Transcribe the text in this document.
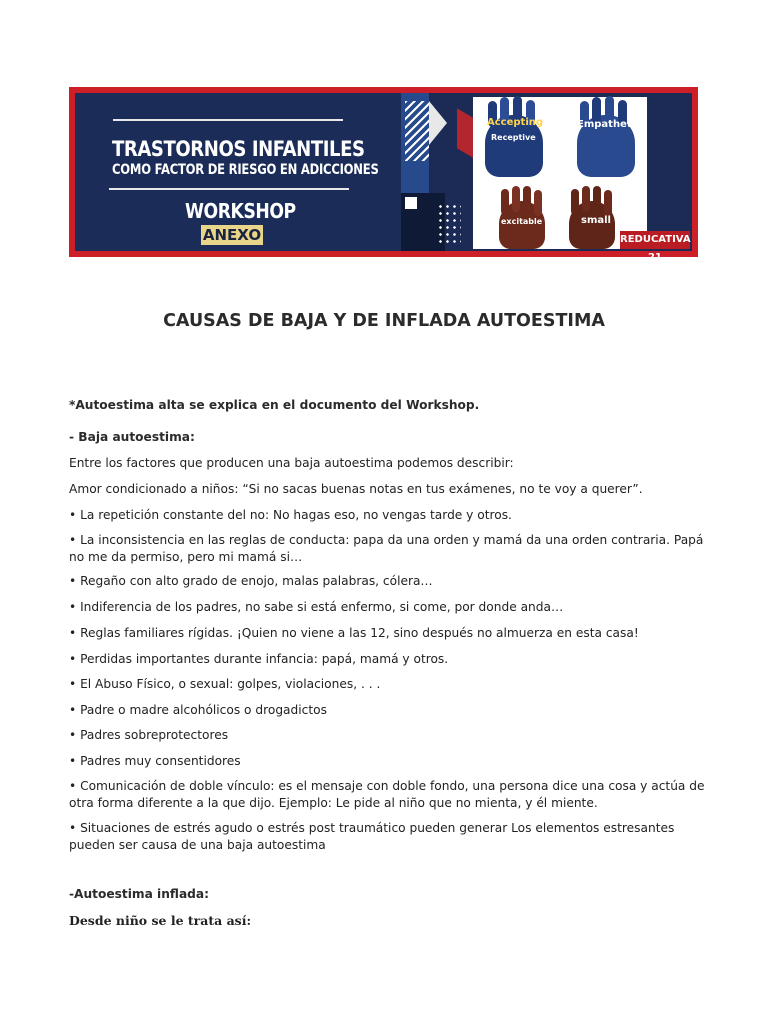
TRASTORNOS INFANTILES
COMO FACTOR DE RIESGO EN ADICCIONES
WORKSHOP
ANEXO
Accepting
Receptive
Empathetic
excitable	small
REDUCATIVA 21
CAUSAS DE BAJA Y DE INFLADA AUTOESTIMA
*Autoestima alta se explica en el documento del Workshop.
- Baja autoestima:
Entre los factores que producen una baja autoestima podemos describir:
Amor condicionado a niños: “Si no sacas buenas notas en tus exámenes, no te voy a querer”.
• La repetición constante del no: No hagas eso, no vengas tarde y otros.
• La inconsistencia en las reglas de conducta: papa da una orden y mamá da una orden contraria. Papá no me da permiso, pero mi mamá si…
• Regaño con alto grado de enojo, malas palabras, cólera…
• Indiferencia de los padres, no sabe si está enfermo, si come, por donde anda…
• Reglas familiares rígidas. ¡Quien no viene a las 12, sino después no almuerza en esta casa!
• Perdidas importantes durante infancia: papá, mamá y otros.
• El Abuso Físico, o sexual: golpes, violaciones, . . .
• Padre o madre alcohólicos o drogadictos
• Padres sobreprotectores
• Padres muy consentidores
• Comunicación de doble vínculo: es el mensaje con doble fondo, una persona dice una cosa y actúa de otra forma diferente a la que dijo. Ejemplo: Le pide al niño que no mienta, y él miente.
• Situaciones de estrés agudo o estrés post traumático pueden generar Los elementos estresantes pueden ser causa de una baja autoestima
-Autoestima inflada:
Desde niño se le trata así:
